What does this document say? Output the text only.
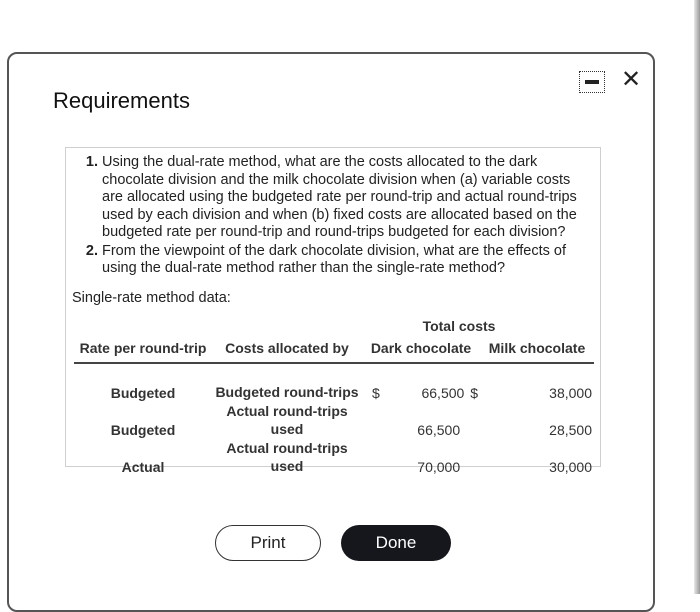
Requirements
✕
1. Using the dual-rate method, what are the costs allocated to the dark chocolate division and the milk chocolate division when (a) variable costs are allocated using the budgeted rate per round-trip and actual round-trips used by each division and when (b) fixed costs are allocated based on the budgeted rate per round-trip and round-trips budgeted for each division?
2. From the viewpoint of the dark chocolate division, what are the effects of using the dual-rate method rather than the single-rate method?
Single-rate method data:
		Total costs	
Rate per round-trip	Costs allocated by	Dark chocolate	Milk chocolate
Budgeted	Budgeted round-trips	$ 66,500 $	38,000
Budgeted	Actual round-trips used	66,500	28,500
Actual	Actual round-trips used	70,000	30,000
Print	Done
